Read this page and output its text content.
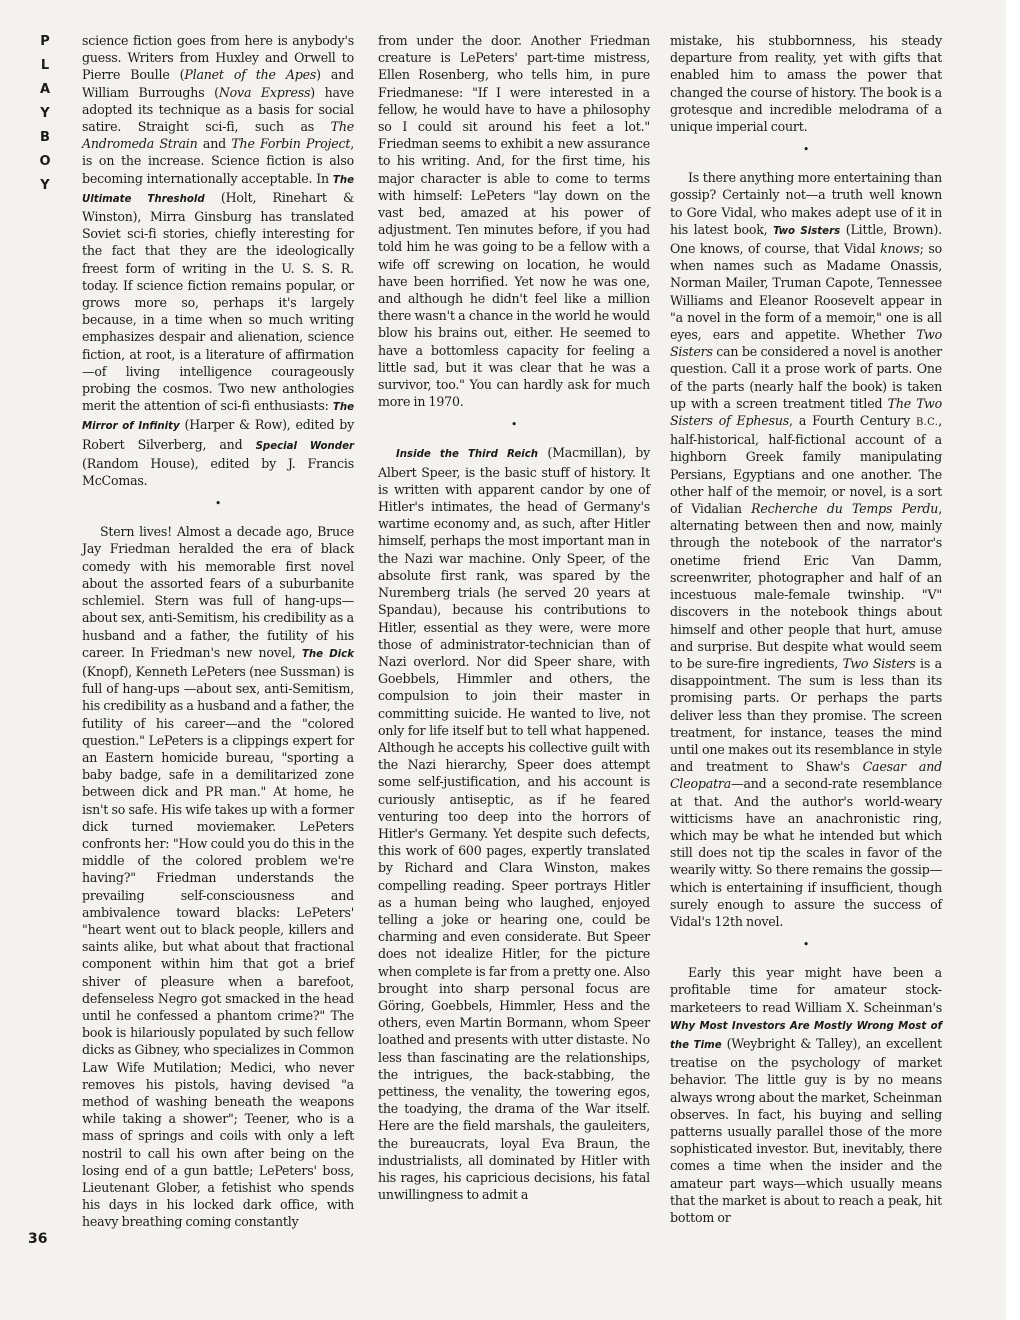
P
L
A
Y
B
O
Y

science fiction goes from here is anybody's guess. Writers from Huxley and Orwell to Pierre Boulle (Planet of the Apes) and William Burroughs (Nova Express) have adopted its technique as a basis for social satire. Straight sci-fi, such as The Andromeda Strain and The Forbin Project, is on the increase. Science fiction is also becoming internationally acceptable. In The Ultimate Threshold (Holt, Rinehart & Winston), Mirra Ginsburg has translated Soviet sci-fi stories, chiefly interesting for the fact that they are the ideologically freest form of writing in the U. S. S. R. today. If science fiction remains popular, or grows more so, perhaps it's largely because, in a time when so much writing emphasizes despair and alienation, science fiction, at root, is a literature of affirmation—of living intelligence courageously probing the cosmos. Two new anthologies merit the attention of sci-fi enthusiasts: The Mirror of Infinity (Harper & Row), edited by Robert Silverberg, and Special Wonder (Random House), edited by J. Francis McComas.

•

Stern lives! Almost a decade ago, Bruce Jay Friedman heralded the era of black comedy with his memorable first novel about the assorted fears of a suburbanite schlemiel. Stern was full of hang-ups—about sex, anti-Semitism, his credibility as a husband and a father, the futility of his career. In Friedman's new novel, The Dick (Knopf), Kenneth LePeters (nee Sussman) is full of hang-ups —about sex, anti-Semitism, his credibility as a husband and a father, the futility of his career—and the "colored question." LePeters is a clippings expert for an Eastern homicide bureau, "sporting a baby badge, safe in a demilitarized zone between dick and PR man." At home, he isn't so safe. His wife takes up with a former dick turned moviemaker. LePeters confronts her: "How could you do this in the middle of the colored problem we're having?" Friedman understands the prevailing self-consciousness and ambivalence toward blacks: LePeters' "heart went out to black people, killers and saints alike, but what about that fractional component within him that got a brief shiver of pleasure when a barefoot, defenseless Negro got smacked in the head until he confessed a phantom crime?" The book is hilariously populated by such fellow dicks as Gibney, who specializes in Common Law Wife Mutilation; Medici, who never removes his pistols, having devised "a method of washing beneath the weapons while taking a shower"; Teener, who is a mass of springs and coils with only a left nostril to call his own after being on the losing end of a gun battle; LePeters' boss, Lieutenant Glober, a fetishist who spends his days in his locked dark office, with heavy breathing coming constantly

from under the door. Another Friedman creature is LePeters' part-time mistress, Ellen Rosenberg, who tells him, in pure Friedmanese: "If I were interested in a fellow, he would have to have a philosophy so I could sit around his feet a lot." Friedman seems to exhibit a new assurance to his writing. And, for the first time, his major character is able to come to terms with himself: LePeters "lay down on the vast bed, amazed at his power of adjustment. Ten minutes before, if you had told him he was going to be a fellow with a wife off screwing on location, he would have been horrified. Yet now he was one, and although he didn't feel like a million there wasn't a chance in the world he would blow his brains out, either. He seemed to have a bottomless capacity for feeling a little sad, but it was clear that he was a survivor, too." You can hardly ask for much more in 1970.

•

Inside the Third Reich (Macmillan), by Albert Speer, is the basic stuff of history. It is written with apparent candor by one of Hitler's intimates, the head of Germany's wartime economy and, as such, after Hitler himself, perhaps the most important man in the Nazi war machine. Only Speer, of the absolute first rank, was spared by the Nuremberg trials (he served 20 years at Spandau), because his contributions to Hitler, essential as they were, were more those of administrator-technician than of Nazi overlord. Nor did Speer share, with Goebbels, Himmler and others, the compulsion to join their master in committing suicide. He wanted to live, not only for life itself but to tell what happened. Although he accepts his collective guilt with the Nazi hierarchy, Speer does attempt some self-justification, and his account is curiously antiseptic, as if he feared venturing too deep into the horrors of Hitler's Germany. Yet despite such defects, this work of 600 pages, expertly translated by Richard and Clara Winston, makes compelling reading. Speer portrays Hitler as a human being who laughed, enjoyed telling a joke or hearing one, could be charming and even considerate. But Speer does not idealize Hitler, for the picture when complete is far from a pretty one. Also brought into sharp personal focus are Göring, Goebbels, Himmler, Hess and the others, even Martin Bormann, whom Speer loathed and presents with utter distaste. No less than fascinating are the relationships, the intrigues, the back-stabbing, the pettiness, the venality, the towering egos, the toadying, the drama of the War itself. Here are the field marshals, the gauleiters, the bureaucrats, loyal Eva Braun, the industrialists, all dominated by Hitler with his rages, his capricious decisions, his fatal unwillingness to admit a

mistake, his stubbornness, his steady departure from reality, yet with gifts that enabled him to amass the power that changed the course of history. The book is a grotesque and incredible melodrama of a unique imperial court.

•

Is there anything more entertaining than gossip? Certainly not—a truth well known to Gore Vidal, who makes adept use of it in his latest book, Two Sisters (Little, Brown). One knows, of course, that Vidal knows; so when names such as Madame Onassis, Norman Mailer, Truman Capote, Tennessee Williams and Eleanor Roosevelt appear in "a novel in the form of a memoir," one is all eyes, ears and appetite. Whether Two Sisters can be considered a novel is another question. Call it a prose work of parts. One of the parts (nearly half the book) is taken up with a screen treatment titled The Two Sisters of Ephesus, a Fourth Century B.C., half-historical, half-fictional account of a highborn Greek family manipulating Persians, Egyptians and one another. The other half of the memoir, or novel, is a sort of Vidalian Recherche du Temps Perdu, alternating between then and now, mainly through the notebook of the narrator's onetime friend Eric Van Damm, screenwriter, photographer and half of an incestuous male-female twinship. "V" discovers in the notebook things about himself and other people that hurt, amuse and surprise. But despite what would seem to be sure-fire ingredients, Two Sisters is a disappointment. The sum is less than its promising parts. Or perhaps the parts deliver less than they promise. The screen treatment, for instance, teases the mind until one makes out its resemblance in style and treatment to Shaw's Caesar and Cleopatra—and a second-rate resemblance at that. And the author's world-weary witticisms have an anachronistic ring, which may be what he intended but which still does not tip the scales in favor of the wearily witty. So there remains the gossip—which is entertaining if insufficient, though surely enough to assure the success of Vidal's 12th novel.

•

Early this year might have been a profitable time for amateur stock-marketeers to read William X. Scheinman's Why Most Investors Are Mostly Wrong Most of the Time (Weybright & Talley), an excellent treatise on the psychology of market behavior. The little guy is by no means always wrong about the market, Scheinman observes. In fact, his buying and selling patterns usually parallel those of the more sophisticated investor. But, inevitably, there comes a time when the insider and the amateur part ways—which usually means that the market is about to reach a peak, hit bottom or

36
